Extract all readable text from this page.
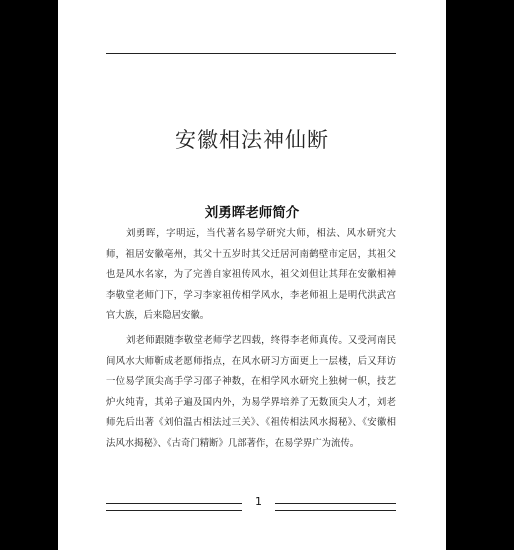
安徽相法神仙断
刘勇晖老师简介

刘勇晖，字明远，当代著名易学研究大师，相法、风水研究大师，祖居安徽亳州，其父十五岁时其父迁居河南鹤壁市定居，其祖父也是风水名家，为了完善自家祖传风水，祖父刘但让其拜在安徽相神李敬堂老师门下，学习李家祖传相学风水，李老师祖上是明代洪武宫官大族，后来隐居安徽。

刘老师跟随李敬堂老师学艺四载，终得李老师真传。又受河南民间风水大师靳成老愿师指点，在风水研习方面更上一层楼，后又拜访一位易学顶尖高手学习邵子神数，在相学风水研究上独树一帜，技艺炉火纯青，其弟子遍及国内外，为易学界培养了无数顶尖人才，刘老师先后出著《刘伯温古相法过三关》、《祖传相法风水揭秘》、《安徽相法风水揭秘》、《古奇门精断》几部著作，在易学界广为流传。

1
